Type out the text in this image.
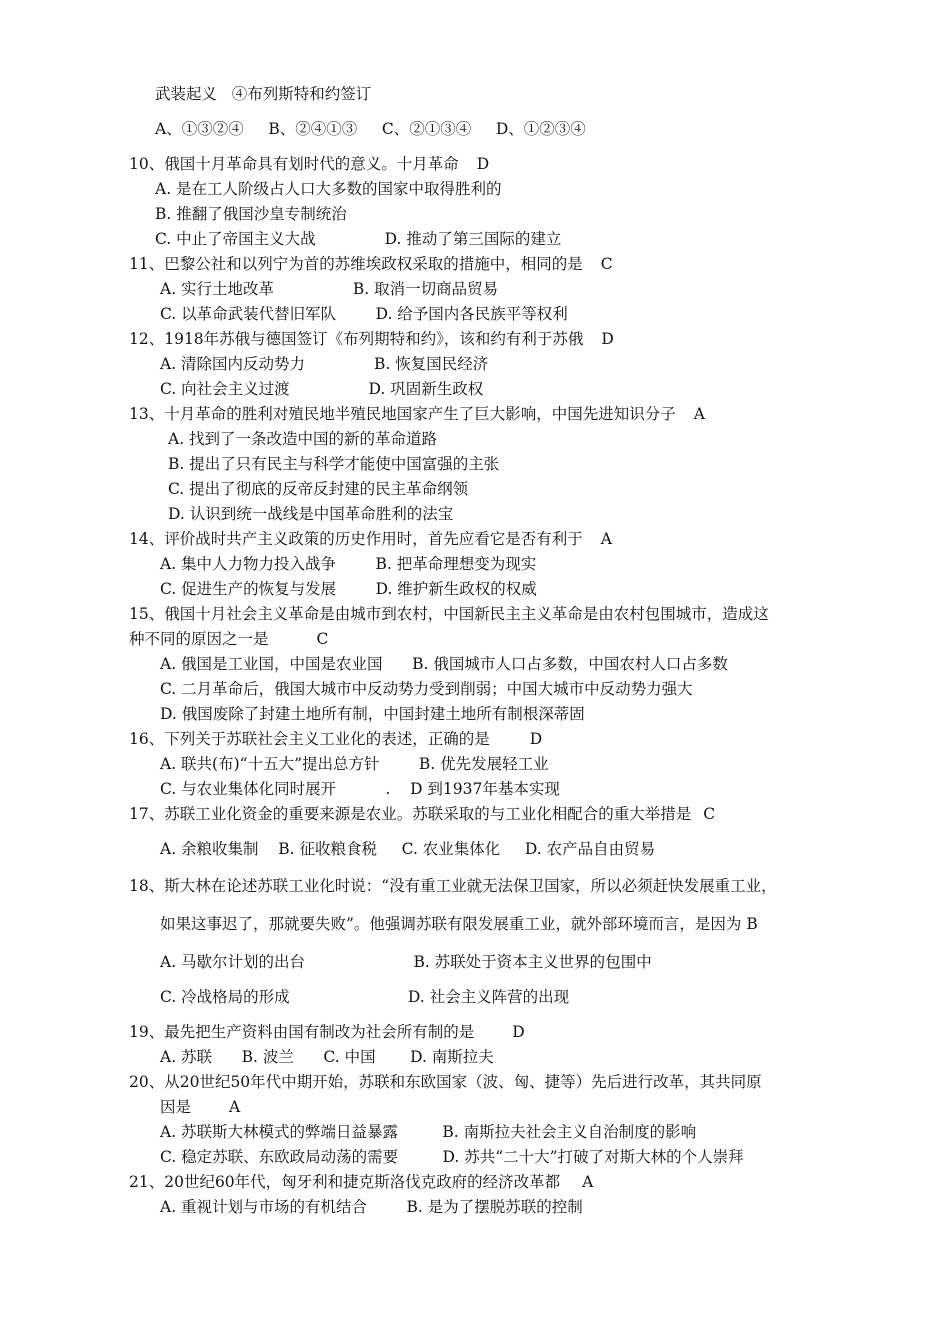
武装起义   ④布列斯特和约签订
A、①③②④     B、②④①③     C、②①③④     D、①②③④
10、俄国十月革命具有划时代的意义。十月革命 D
A. 是在工人阶级占人口大多数的国家中取得胜利的
B. 推翻了俄国沙皇专制统治
C. 中止了帝国主义大战              D. 推动了第三国际的建立
11、巴黎公社和以列宁为首的苏维埃政权采取的措施中，相同的是 C
A. 实行土地改革                B. 取消一切商品贸易
C. 以革命武装代替旧军队        D. 给予国内各民族平等权利
12、1918年苏俄与德国签订《布列期特和约》，该和约有利于苏俄 D
A. 清除国内反动势力              B. 恢复国民经济
C. 向社会主义过渡                D. 巩固新生政权
13、十月革命的胜利对殖民地半殖民地国家产生了巨大影响，中国先进知识分子 A
A. 找到了一条改造中国的新的革命道路
B. 提出了只有民主与科学才能使中国富强的主张
C. 提出了彻底的反帝反封建的民主革命纲领
D. 认识到统一战线是中国革命胜利的法宝
14、评价战时共产主义政策的历史作用时，首先应看它是否有利于 A
A. 集中人力物力投入战争        B. 把革命理想变为现实
C. 促进生产的恢复与发展        D. 维护新生政权的权威
15、俄国十月社会主义革命是由城市到农村，中国新民主主义革命是由农村包围城市，造成这
种不同的原因之一是	C
A. 俄国是工业国，中国是农业国      B. 俄国城市人口占多数，中国农村人口占多数
C. 二月革命后，俄国大城市中反动势力受到削弱；中国大城市中反动势力强大
D. 俄国废除了封建土地所有制，中国封建土地所有制根深蒂固
16、下列关于苏联社会主义工业化的表述，正确的是	D
A. 联共(布)“十五大”提出总方针        B. 优先发展轻工业
C. 与农业集体化同时展开          .    D 到1937年基本实现
17、苏联工业化资金的重要来源是农业。苏联采取的与工业化相配合的重大举措是 C
A. 余粮收集制    B. 征收粮食税     C. 农业集体化     D. 农产品自由贸易
18、斯大林在论述苏联工业化时说：“没有重工业就无法保卫国家，所以必须赶快发展重工业，
如果这事迟了，那就要失败”。他强调苏联有限发展重工业，就外部环境而言，是因为 B
A. 马歇尔计划的出台                      B. 苏联处于资本主义世界的包围中
C. 冷战格局的形成                        D. 社会主义阵营的出现
19、最先把生产资料由国有制改为社会所有制的是 D
A. 苏联      B. 波兰      C. 中国       D. 南斯拉夫
20、从20世纪50年代中期开始，苏联和东欧国家（波、匈、捷等）先后进行改革，其共同原
因是 A
A. 苏联斯大林模式的弊端日益暴露         B. 南斯拉夫社会主义自治制度的影响
C. 稳定苏联、东欧政局动荡的需要         D. 苏共“二十大”打破了对斯大林的个人崇拜
21、20世纪60年代，匈牙利和捷克斯洛伐克政府的经济改革都 A
A. 重视计划与市场的有机结合        B. 是为了摆脱苏联的控制
